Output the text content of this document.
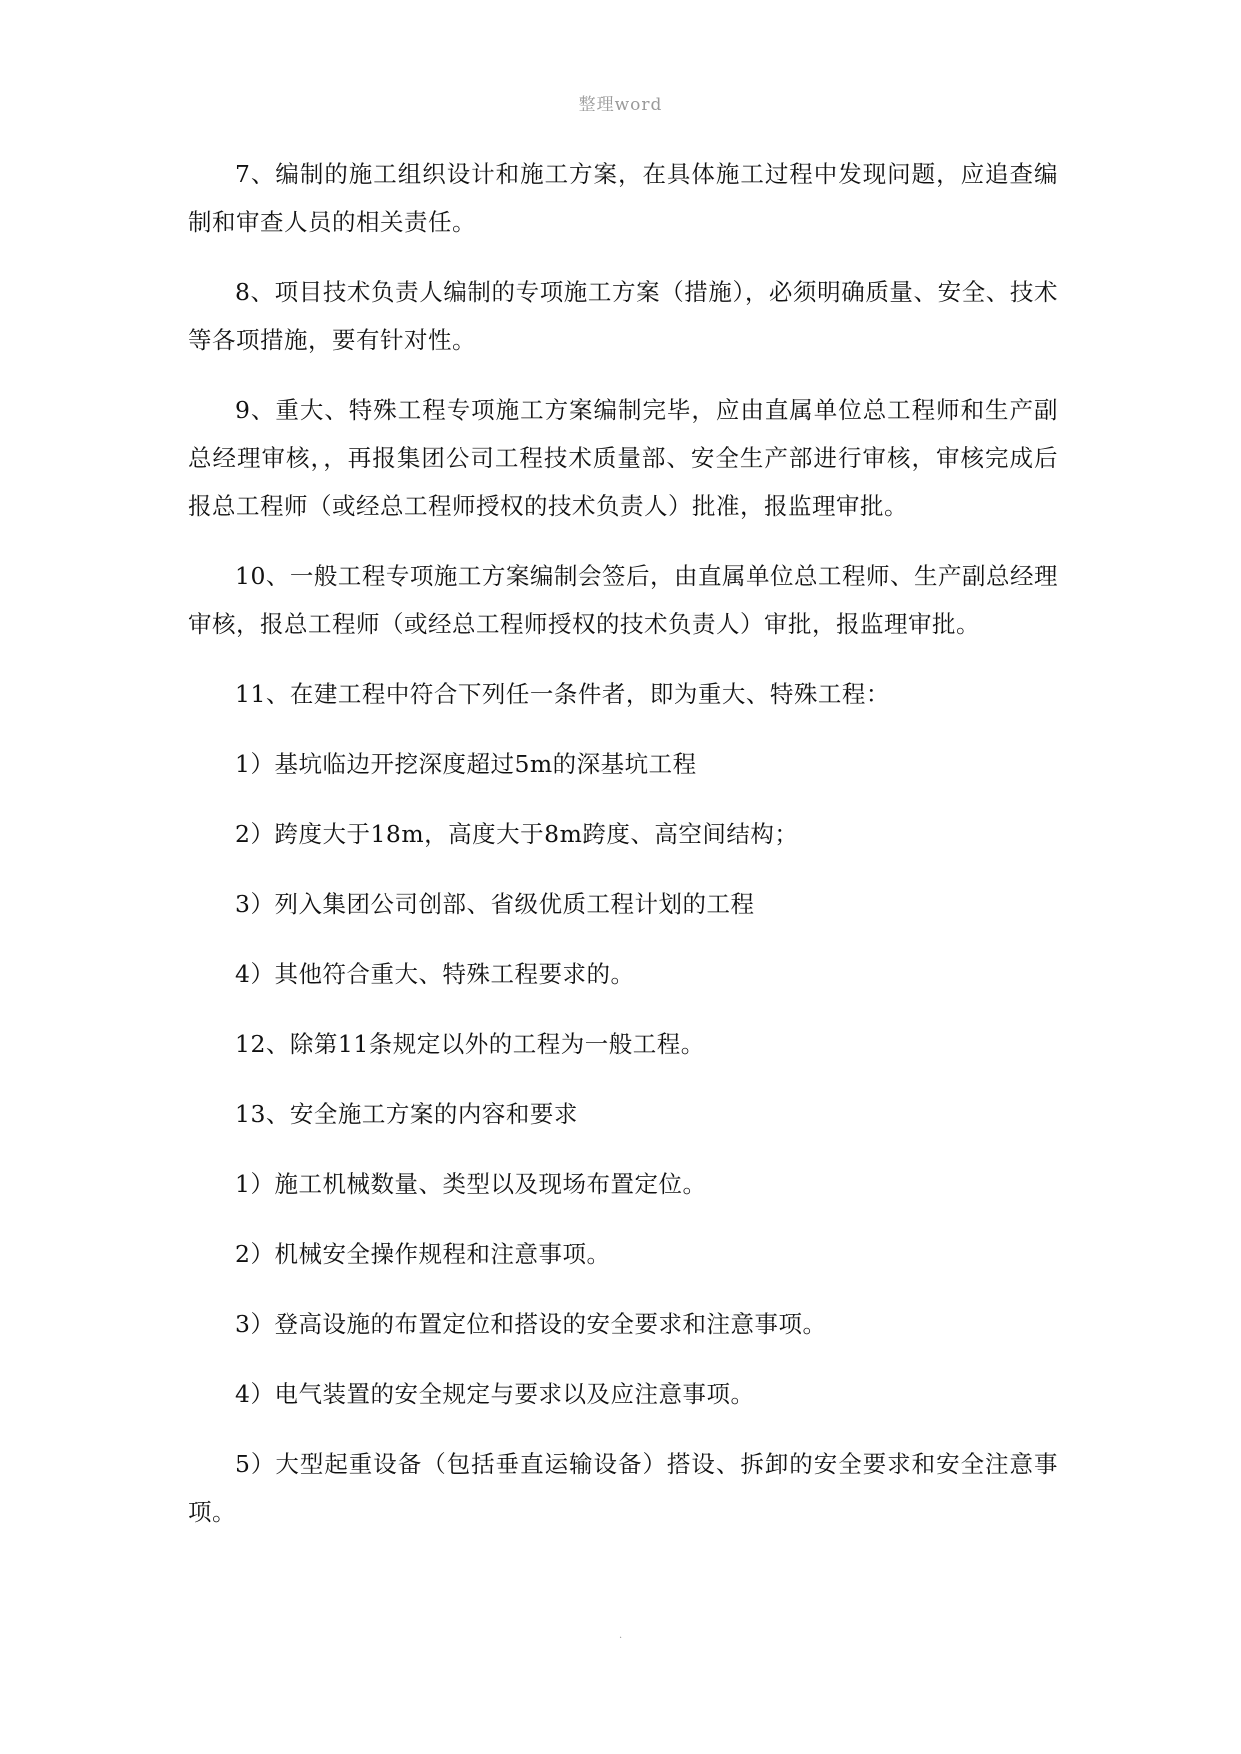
整理word

7、编制的施工组织设计和施工方案，在具体施工过程中发现问题，应追查编制和审查人员的相关责任。

8、项目技术负责人编制的专项施工方案（措施），必须明确质量、安全、技术等各项措施，要有针对性。

9、重大、特殊工程专项施工方案编制完毕，应由直属单位总工程师和生产副总经理审核，，再报集团公司工程技术质量部、安全生产部进行审核，审核完成后报总工程师（或经总工程师授权的技术负责人）批准，报监理审批。

10、一般工程专项施工方案编制会签后，由直属单位总工程师、生产副总经理审核，报总工程师（或经总工程师授权的技术负责人）审批，报监理审批。

11、在建工程中符合下列任一条件者，即为重大、特殊工程：

1）基坑临边开挖深度超过5m的深基坑工程

2）跨度大于18m，高度大于8m跨度、高空间结构；

3）列入集团公司创部、省级优质工程计划的工程

4）其他符合重大、特殊工程要求的。

12、除第11条规定以外的工程为一般工程。

13、安全施工方案的内容和要求

1）施工机械数量、类型以及现场布置定位。

2）机械安全操作规程和注意事项。

3）登高设施的布置定位和搭设的安全要求和注意事项。

4）电气装置的安全规定与要求以及应注意事项。

5）大型起重设备（包括垂直运输设备）搭设、拆卸的安全要求和安全注意事项。

.
